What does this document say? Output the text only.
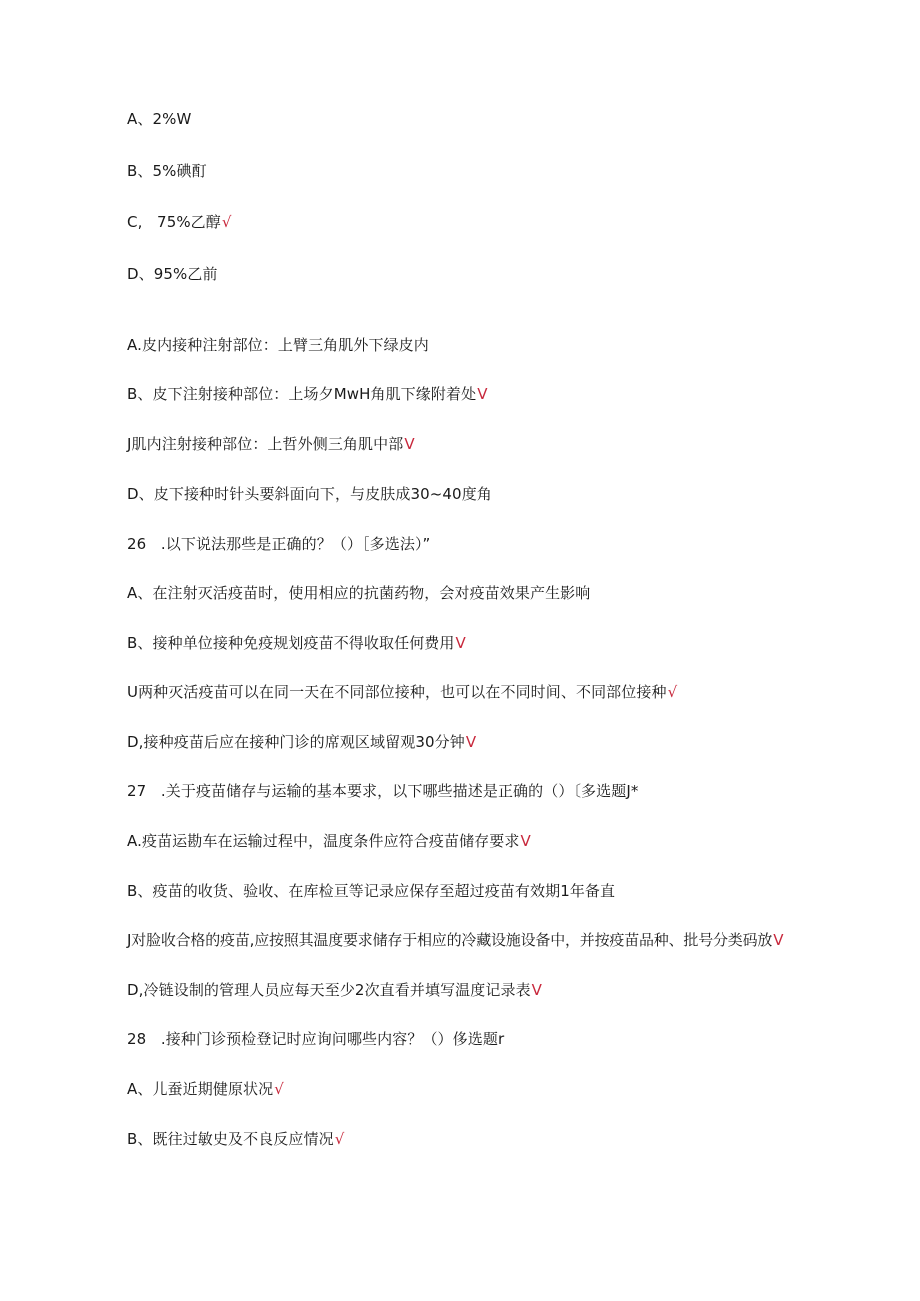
A、2%W
B、5%碘酊
C,   75%乙醇√
D、95%乙前
A.皮内接种注射部位：上臂三角肌外下绿皮内
B、皮下注射接种部位：上场夕MwH角肌下缘附着处V
J肌内注射接种部位：上哲外侧三角肌中部V
D、皮下接种时针头要斜面向下，与皮肤成30~40度角
26   .以下说法那些是正确的？（）［多选法）”
A、在注射灭活疫苗时，使用相应的抗菌药物，会对疫苗效果产生影响
B、接种单位接种免疫规划疫苗不得收取任何费用V
U两种灭活疫苗可以在同一天在不同部位接种，也可以在不同时间、不同部位接种√
D,接种疫苗后应在接种门诊的席观区域留观30分钟V
27   .关于疫苗储存与运输的基本要求，以下哪些描述是正确的（）〔多选题J*
A.疫苗运勘车在运输过程中，温度条件应符合疫苗储存要求V
B、疫苗的收货、验收、在库检亘等记录应保存至超过疫苗有效期1年备直
J对脸收合格的疫苗,应按照其温度要求储存于相应的冷藏设施设备中，并按疫苗品种、批号分类码放V
D,冷链设制的管理人员应每天至少2次直看并填写温度记录表V
28   .接种门诊预检登记时应询问哪些内容？（）侈选题r
A、儿蚕近期健原状况√
B、既往过敏史及不良反应情况√
